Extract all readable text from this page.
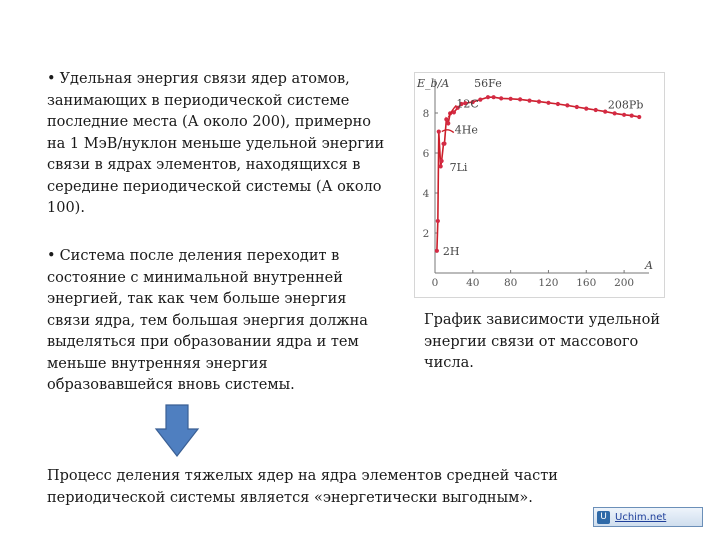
• Удельная энергия связи ядер атомов, занимающих в периодической системе последние места (А около 200), примерно на 1 МэВ/нуклон меньше удельной энергии связи в ядрах элементов, находящихся в середине периодической системы (А около 100).

• Система после деления переходит в состояние с минимальной внутренней энергией, так как чем больше энергия связи ядра, тем большая энергия должна выделяться при образовании ядра и тем меньше внутренняя энергия образовавшейся вновь системы.

0	40 80 120 160 200
2
4
6
8
E_b/A
A
12C
56Fe
208Pb
4He
7Li
2H

График зависимости удельной энергии связи от массового числа.

Процесс деления тяжелых ядер на ядра элементов средней части периодической системы является «энергетически выгодным».

U Uchim.net
